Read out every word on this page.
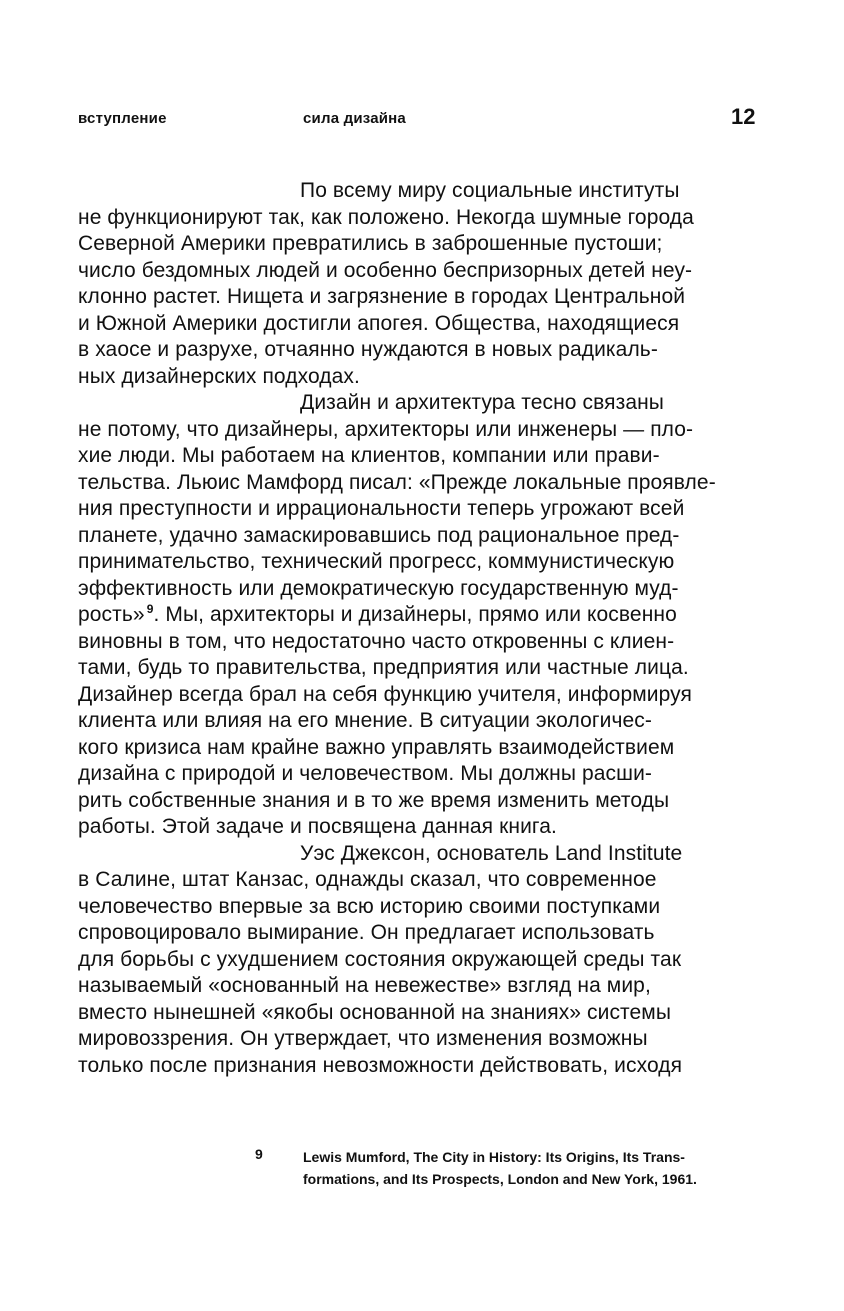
вступление	сила дизайна	12
По всему миру социальные институты
не функционируют так, как положено. Некогда шумные города
Северной Америки превратились в заброшенные пустоши;
число бездомных людей и особенно беспризорных детей неу-
клонно растет. Нищета и загрязнение в городах Центральной
и Южной Америки достигли апогея. Общества, находящиеся
в хаосе и разрухе, отчаянно нуждаются в новых радикаль-
ных дизайнерских подходах.
Дизайн и архитектура тесно связаны
не потому, что дизайнеры, архитекторы или инженеры — пло-
хие люди. Мы работаем на клиентов, компании или прави-
тельства. Льюис Мамфорд писал: «Прежде локальные проявле-
ния преступности и иррациональности теперь угрожают всей
планете, удачно замаскировавшись под рациональное пред-
принимательство, технический прогресс, коммунистическую
эффективность или демократическую государственную муд-
рость» $^9$. Мы, архитекторы и дизайнеры, прямо или косвенно
виновны в том, что недостаточно часто откровенны с клиен-
тами, будь то правительства, предприятия или частные лица.
Дизайнер всегда брал на себя функцию учителя, информируя
клиента или влияя на его мнение. В ситуации экологичес-
кого кризиса нам крайне важно управлять взаимодействием
дизайна с природой и человечеством. Мы должны расши-
рить собственные знания и в то же время изменить методы
работы. Этой задаче и посвящена данная книга.
Уэс Джексон, основатель Land Institute
в Салине, штат Канзас, однажды сказал, что современное
человечество впервые за всю историю своими поступками
спровоцировало вымирание. Он предлагает использовать
для борьбы с ухудшением состояния окружающей среды так
называемый «основанный на невежестве» взгляд на мир,
вместо нынешней «якобы основанной на знаниях» системы
мировоззрения. Он утверждает, что изменения возможны
только после признания невозможности действовать, исходя
9	Lewis Mumford, The City in History: Its Origins, Its Trans-
formations, and Its Prospects, London and New York, 1961.
